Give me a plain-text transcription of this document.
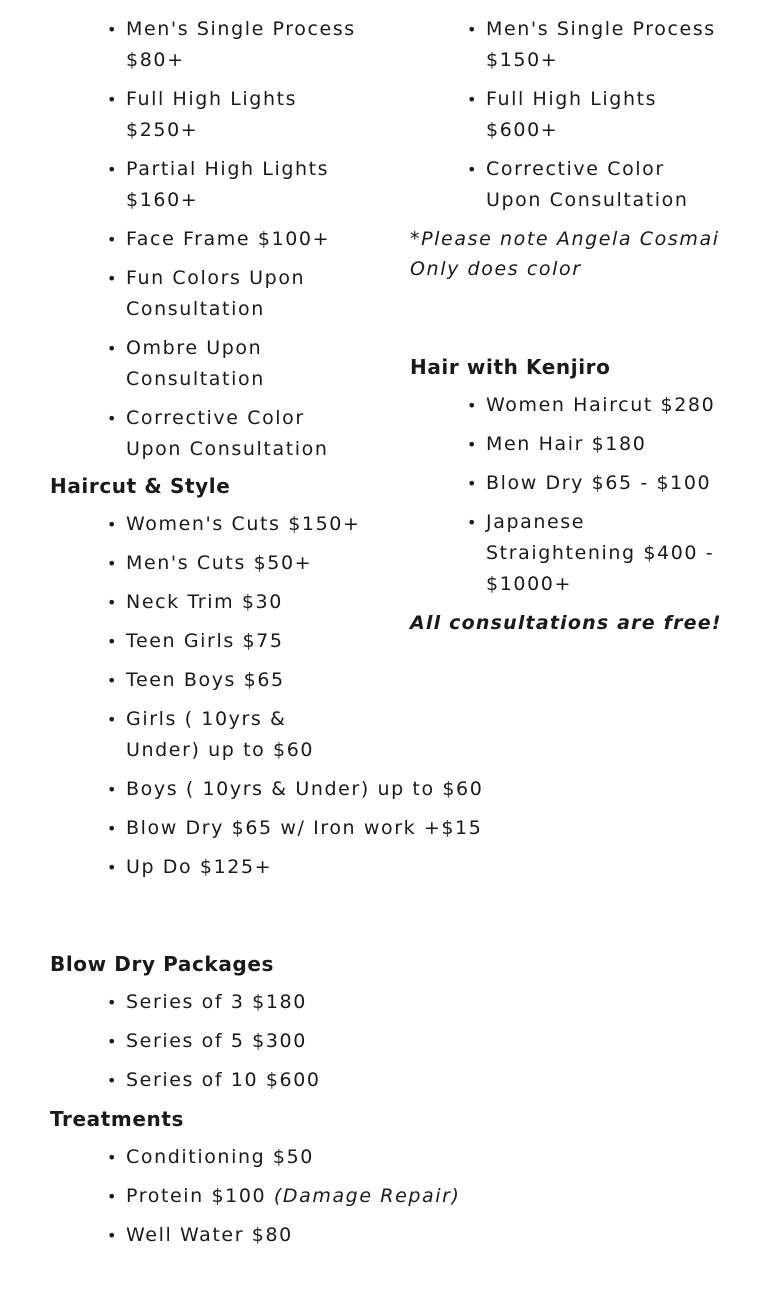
•
• Men's Single Process $80+
• Full High Lights $250+
• Partial High Lights $160+
• Face Frame $100+
• Fun Colors Upon Consultation
• Ombre Upon Consultation
• Corrective Color Upon Consultation
Haircut & Style
• Women's Cuts $150+
• Men's Cuts $50+
• Neck Trim $30
• Teen Girls $75
• Teen Boys $65
• Girls ( 10yrs & Under) up to $60
• Boys ( 10yrs & Under) up to $60
• Blow Dry $65 w/ Iron work +$15
• Up Do $125+
Blow Dry Packages
• Series of 3 $180
• Series of 5 $300
• Series of 10 $600
Treatments
• Conditioning $50
• Protein $100 (Damage Repair)
• Well Water $80
•
• Men's Single Process $150+
• Full High Lights $600+
• Corrective Color Upon Consultation

*Please note Angela Cosmai Only does color

Hair with Kenjiro
• Women Haircut $280
• Men Hair $180
• Blow Dry $65 - $100
• Japanese Straightening $400 - $1000+

All consultations are free!
